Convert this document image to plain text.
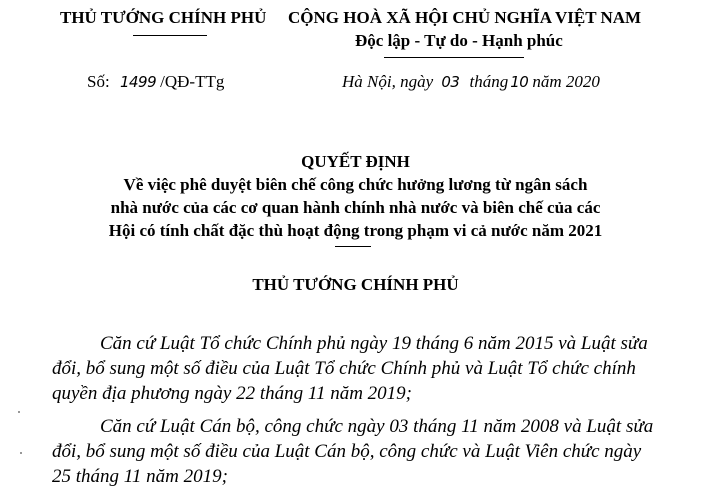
THỦ TƯỚNG CHÍNH PHỦ CỘNG HOÀ XÃ HỘI CHỦ NGHĨA VIỆT NAM
Độc lập - Tự do - Hạnh phúc
Số: 1499 /QĐ-TTg	Hà Nội, ngày 03 tháng 10 năm 2020
QUYẾT ĐỊNH
Về việc phê duyệt biên chế công chức hưởng lương từ ngân sách
nhà nước của các cơ quan hành chính nhà nước và biên chế của các
Hội có tính chất đặc thù hoạt động trong phạm vi cả nước năm 2021
THỦ TƯỚNG CHÍNH PHỦ
Căn cứ Luật Tổ chức Chính phủ ngày 19 tháng 6 năm 2015 và Luật sửa
đổi, bổ sung một số điều của Luật Tổ chức Chính phủ và Luật Tổ chức chính
quyền địa phương ngày 22 tháng 11 năm 2019;
Căn cứ Luật Cán bộ, công chức ngày 03 tháng 11 năm 2008 và Luật sửa
đổi, bổ sung một số điều của Luật Cán bộ, công chức và Luật Viên chức ngày
25 tháng 11 năm 2019;
